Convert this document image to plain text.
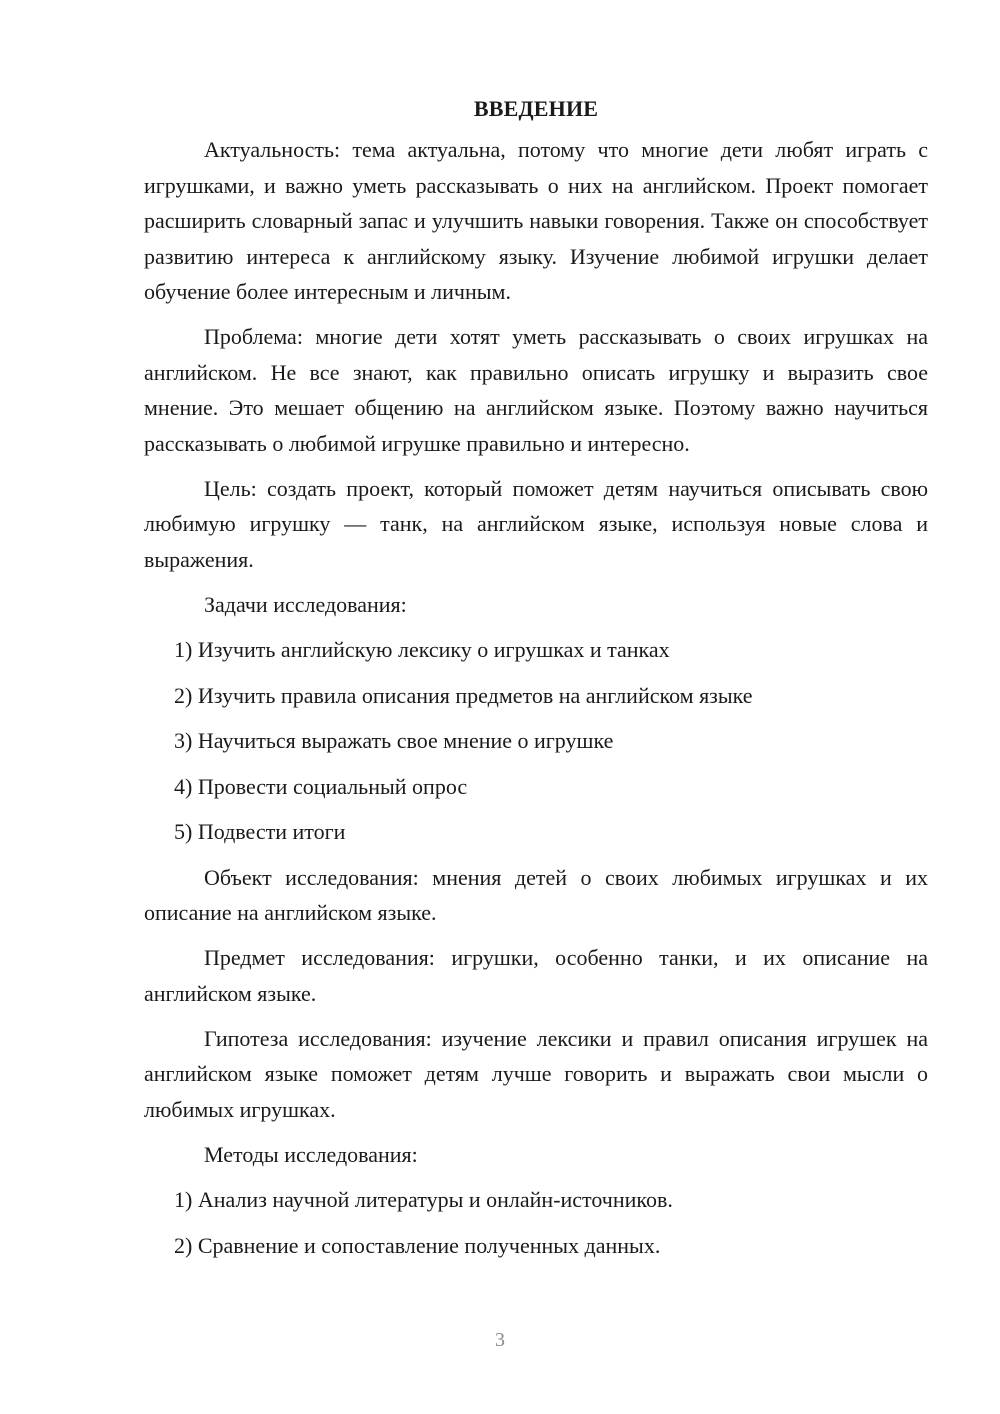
ВВЕДЕНИЕ
Актуальность: тема актуальна, потому что многие дети любят играть с игрушками, и важно уметь рассказывать о них на английском. Проект помогает расширить словарный запас и улучшить навыки говорения. Также он способствует развитию интереса к английскому языку. Изучение любимой игрушки делает обучение более интересным и личным.
Проблема: многие дети хотят уметь рассказывать о своих игрушках на английском. Не все знают, как правильно описать игрушку и выразить свое мнение. Это мешает общению на английском языке. Поэтому важно научиться рассказывать о любимой игрушке правильно и интересно.
Цель: создать проект, который поможет детям научиться описывать свою любимую игрушку — танк, на английском языке, используя новые слова и выражения.
Задачи исследования:
1) Изучить английскую лексику о игрушках и танках
2) Изучить правила описания предметов на английском языке
3) Научиться выражать свое мнение о игрушке
4) Провести социальный опрос
5) Подвести итоги
Объект исследования: мнения детей о своих любимых игрушках и их описание на английском языке.
Предмет исследования: игрушки, особенно танки, и их описание на английском языке.
Гипотеза исследования: изучение лексики и правил описания игрушек на английском языке поможет детям лучше говорить и выражать свои мысли о любимых игрушках.
Методы исследования:
1) Анализ научной литературы и онлайн-источников.
2) Сравнение и сопоставление полученных данных.
3
